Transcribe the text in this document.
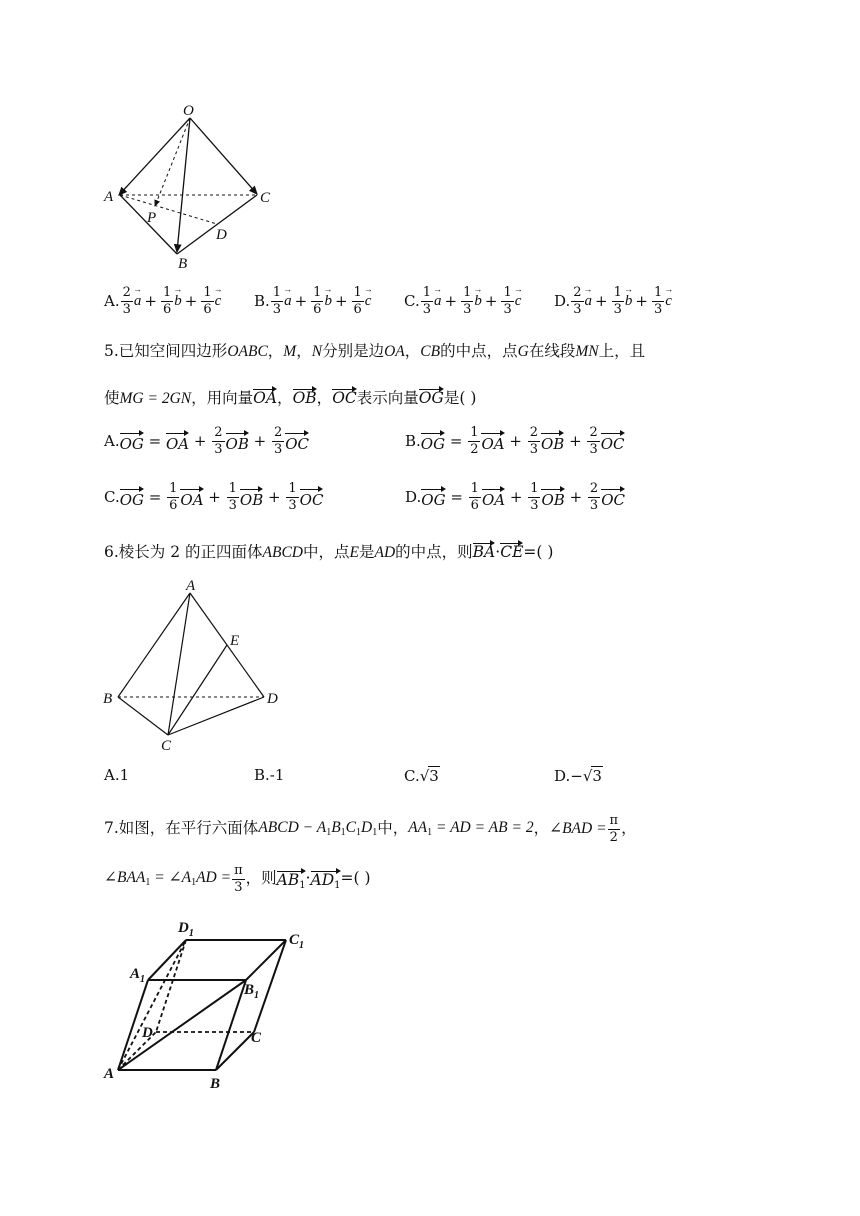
O
A	C
P
D
B
A. $\frac{2}{3}$ a → + $\frac{1}{6}$ b → + $\frac{1}{6}$ c → B. $\frac{1}{3}$ a → + $\frac{1}{6}$ b → + $\frac{1}{6}$ c → C. $\frac{1}{3}$ a → + $\frac{1}{3}$ b → + $\frac{1}{3}$ c → D. $\frac{2}{3}$ a → + $\frac{1}{3}$ b → + $\frac{1}{3}$ c →
5.已知空间四边形OABC，M，N分别是边OA，CB的中点，点G在线段MN上，且
使MG = 2GN，用向量OA，OB，OC表示向量OG是( )
A. OG = OA + $\frac{2}{3}$ OB + $\frac{2}{3}$ OC	B. OG = $\frac{1}{2}$ OA + $\frac{2}{3}$ OB + $\frac{2}{3}$ OC
C. OG = $\frac{1}{6}$ OA + $\frac{1}{3}$ OB + $\frac{1}{3}$ OC	D. OG = $\frac{1}{6}$ OA + $\frac{1}{3}$ OB + $\frac{2}{3}$ OC
6.棱长为 2 的正四面体ABCD中，点E是AD的中点，则BA·CE=( )
A
E
B	D
C
A. 1	B. -1	C. √ 3	D. − √ 3
7. 如图，在平行六面体 ABCD − $A_1B_1C_1D_1$ 中， $AA_1$ = AD = AB = 2 ， ∠BAD = $\frac{\pi}{2}$ ，
$\angle BAA_1$ = $\angle A_1AD = \frac{\pi}{3}$ ，则 $AB_1 \cdot AD_1$ =( )
$D_1$	$C_1$
$A_1$
$B_1$
D	C
A
B
